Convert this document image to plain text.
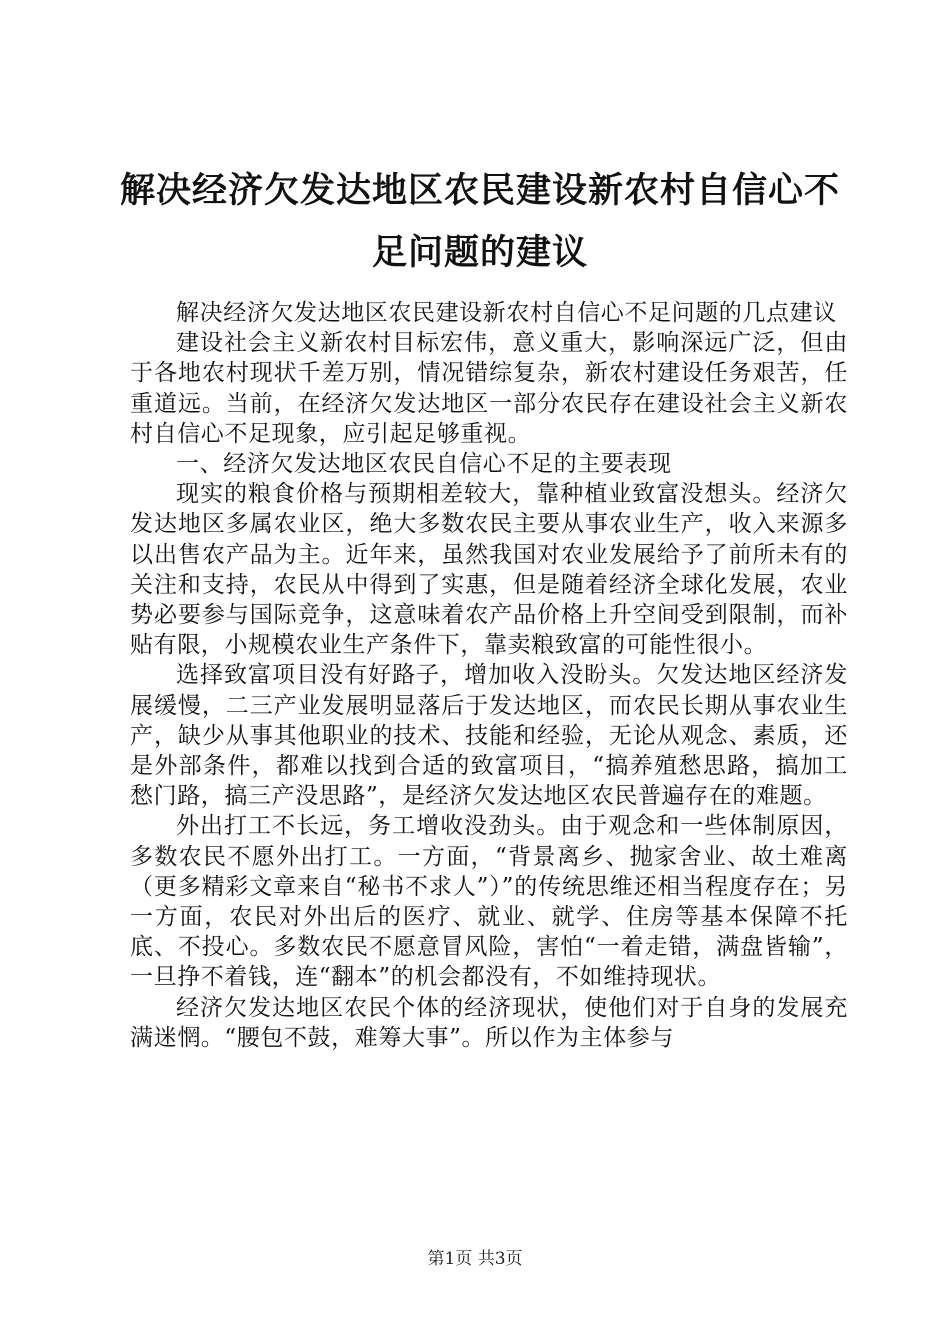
解决经济欠发达地区农民建设新农村自信心不足问题的建议

解决经济欠发达地区农民建设新农村自信心不足问题的几点建议

建设社会主义新农村目标宏伟，意义重大，影响深远广泛，但由于各地农村现状千差万别，情况错综复杂，新农村建设任务艰苦，任重道远。当前，在经济欠发达地区一部分农民存在建设社会主义新农村自信心不足现象，应引起足够重视。

一、经济欠发达地区农民自信心不足的主要表现

现实的粮食价格与预期相差较大，靠种植业致富没想头。经济欠发达地区多属农业区，绝大多数农民主要从事农业生产，收入来源多以出售农产品为主。近年来，虽然我国对农业发展给予了前所未有的关注和支持，农民从中得到了实惠，但是随着经济全球化发展，农业势必要参与国际竞争，这意味着农产品价格上升空间受到限制，而补贴有限，小规模农业生产条件下，靠卖粮致富的可能性很小。

选择致富项目没有好路子，增加收入没盼头。欠发达地区经济发展缓慢，二三产业发展明显落后于发达地区，而农民长期从事农业生产，缺少从事其他职业的技术、技能和经验，无论从观念、素质，还是外部条件，都难以找到合适的致富项目，“搞养殖愁思路，搞加工愁门路，搞三产没思路”，是经济欠发达地区农民普遍存在的难题。

外出打工不长远，务工增收没劲头。由于观念和一些体制原因，多数农民不愿外出打工。一方面，“背景离乡、抛家舍业、故土难离（更多精彩文章来自“秘书不求人”）”的传统思维还相当程度存在；另一方面，农民对外出后的医疗、就业、就学、住房等基本保障不托底、不投心。多数农民不愿意冒风险，害怕“一着走错，满盘皆输”，一旦挣不着钱，连“翻本”的机会都没有，不如维持现状。

经济欠发达地区农民个体的经济现状，使他们对于自身的发展充满迷惘。“腰包不鼓，难筹大事”。所以作为主体参与

第1页 共3页
